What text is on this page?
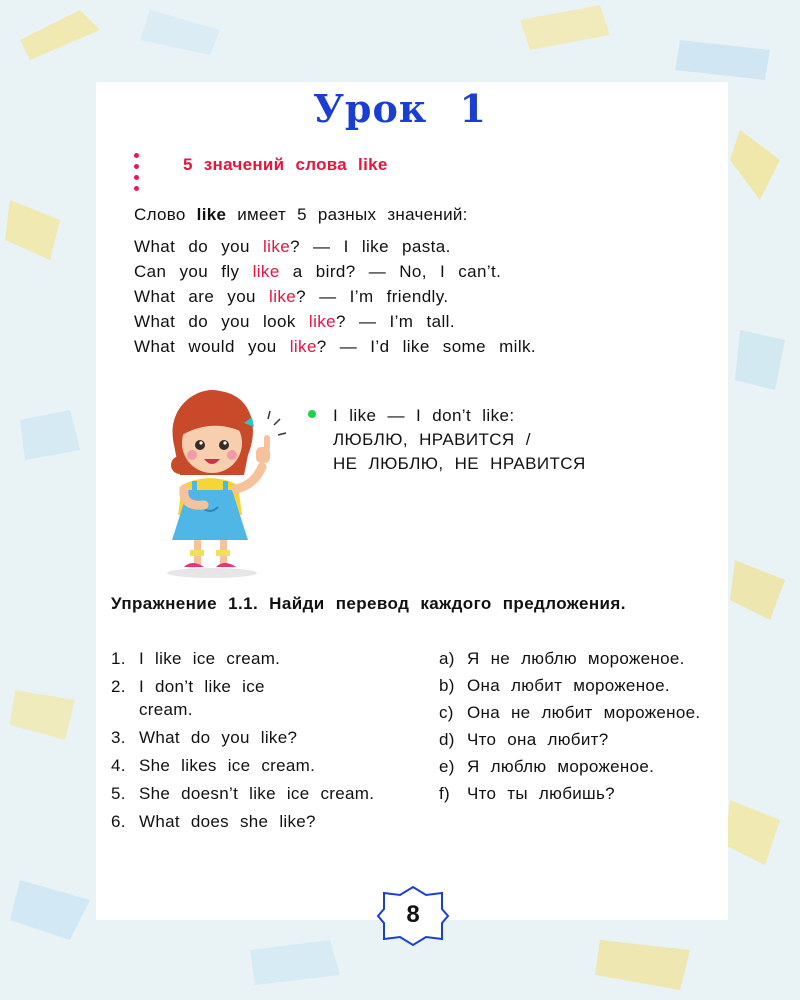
Урок 1
5 значений слова like
Слово like имеет 5 разных значений:
What do you like? — I like pasta.
Can you fly like a bird? — No, I can’t.
What are you like? — I’m friendly.
What do you look like? — I’m tall.
What would you like? — I’d like some milk.
I like — I don’t like:
ЛЮБЛЮ, НРАВИТСЯ /
НЕ ЛЮБЛЮ, НЕ НРАВИТСЯ
Упражнение 1.1. Найди перевод каждого предложения.
1. I like ice cream.
2. I don’t like ice cream.
3. What do you like?
4. She likes ice cream.
5. She doesn’t like ice cream.
6. What does she like?
a) Я не люблю мороженое.
b) Она любит мороженое.
c) Она не любит мороженое.
d) Что она любит?
e) Я люблю мороженое.
f)	Что ты любишь?
8
